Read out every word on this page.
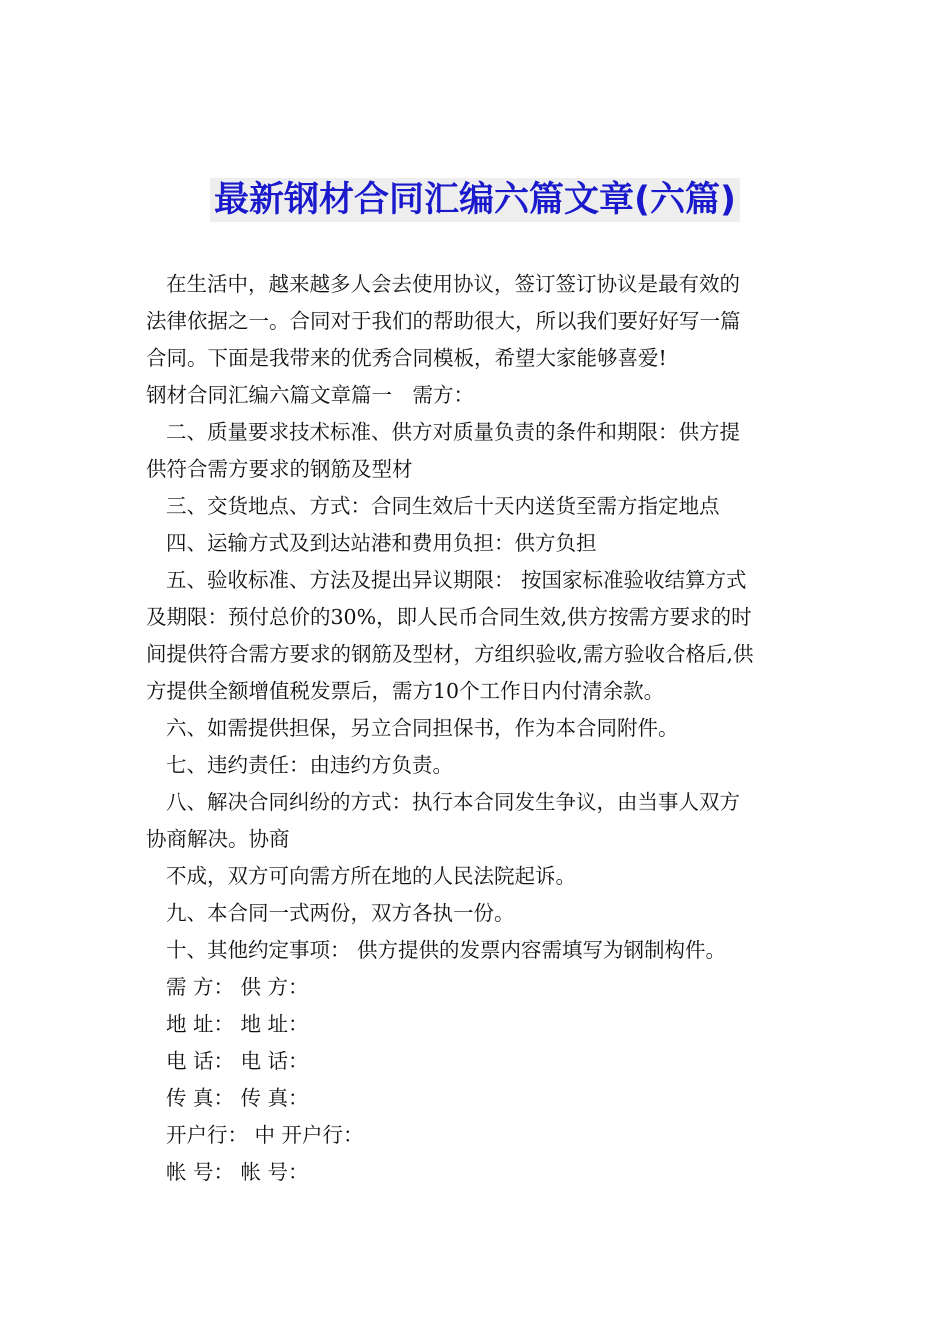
最新钢材合同汇编六篇文章(六篇)
在生活中，越来越多人会去使用协议，签订签订协议是最有效的
法律依据之一。合同对于我们的帮助很大，所以我们要好好写一篇
合同。下面是我带来的优秀合同模板，希望大家能够喜爱!
钢材合同汇编六篇文章篇一　需方：
二、质量要求技术标准、供方对质量负责的条件和期限：供方提
供符合需方要求的钢筋及型材
三、交货地点、方式：合同生效后十天内送货至需方指定地点
四、运输方式及到达站港和费用负担：供方负担
五、验收标准、方法及提出异议期限： 按国家标准验收结算方式
及期限：预付总价的30%，即人民币合同生效,供方按需方要求的时
间提供符合需方要求的钢筋及型材，方组织验收,需方验收合格后,供
方提供全额增值税发票后，需方10个工作日内付清余款。
六、如需提供担保，另立合同担保书，作为本合同附件。
七、违约责任：由违约方负责。
八、解决合同纠纷的方式：执行本合同发生争议，由当事人双方
协商解决。协商
不成，双方可向需方所在地的人民法院起诉。
九、本合同一式两份，双方各执一份。
十、其他约定事项： 供方提供的发票内容需填写为钢制构件。
需 方： 供 方：
地 址： 地 址：
电 话： 电 话：
传 真： 传 真：
开户行： 中 开户行：
帐 号： 帐 号：
